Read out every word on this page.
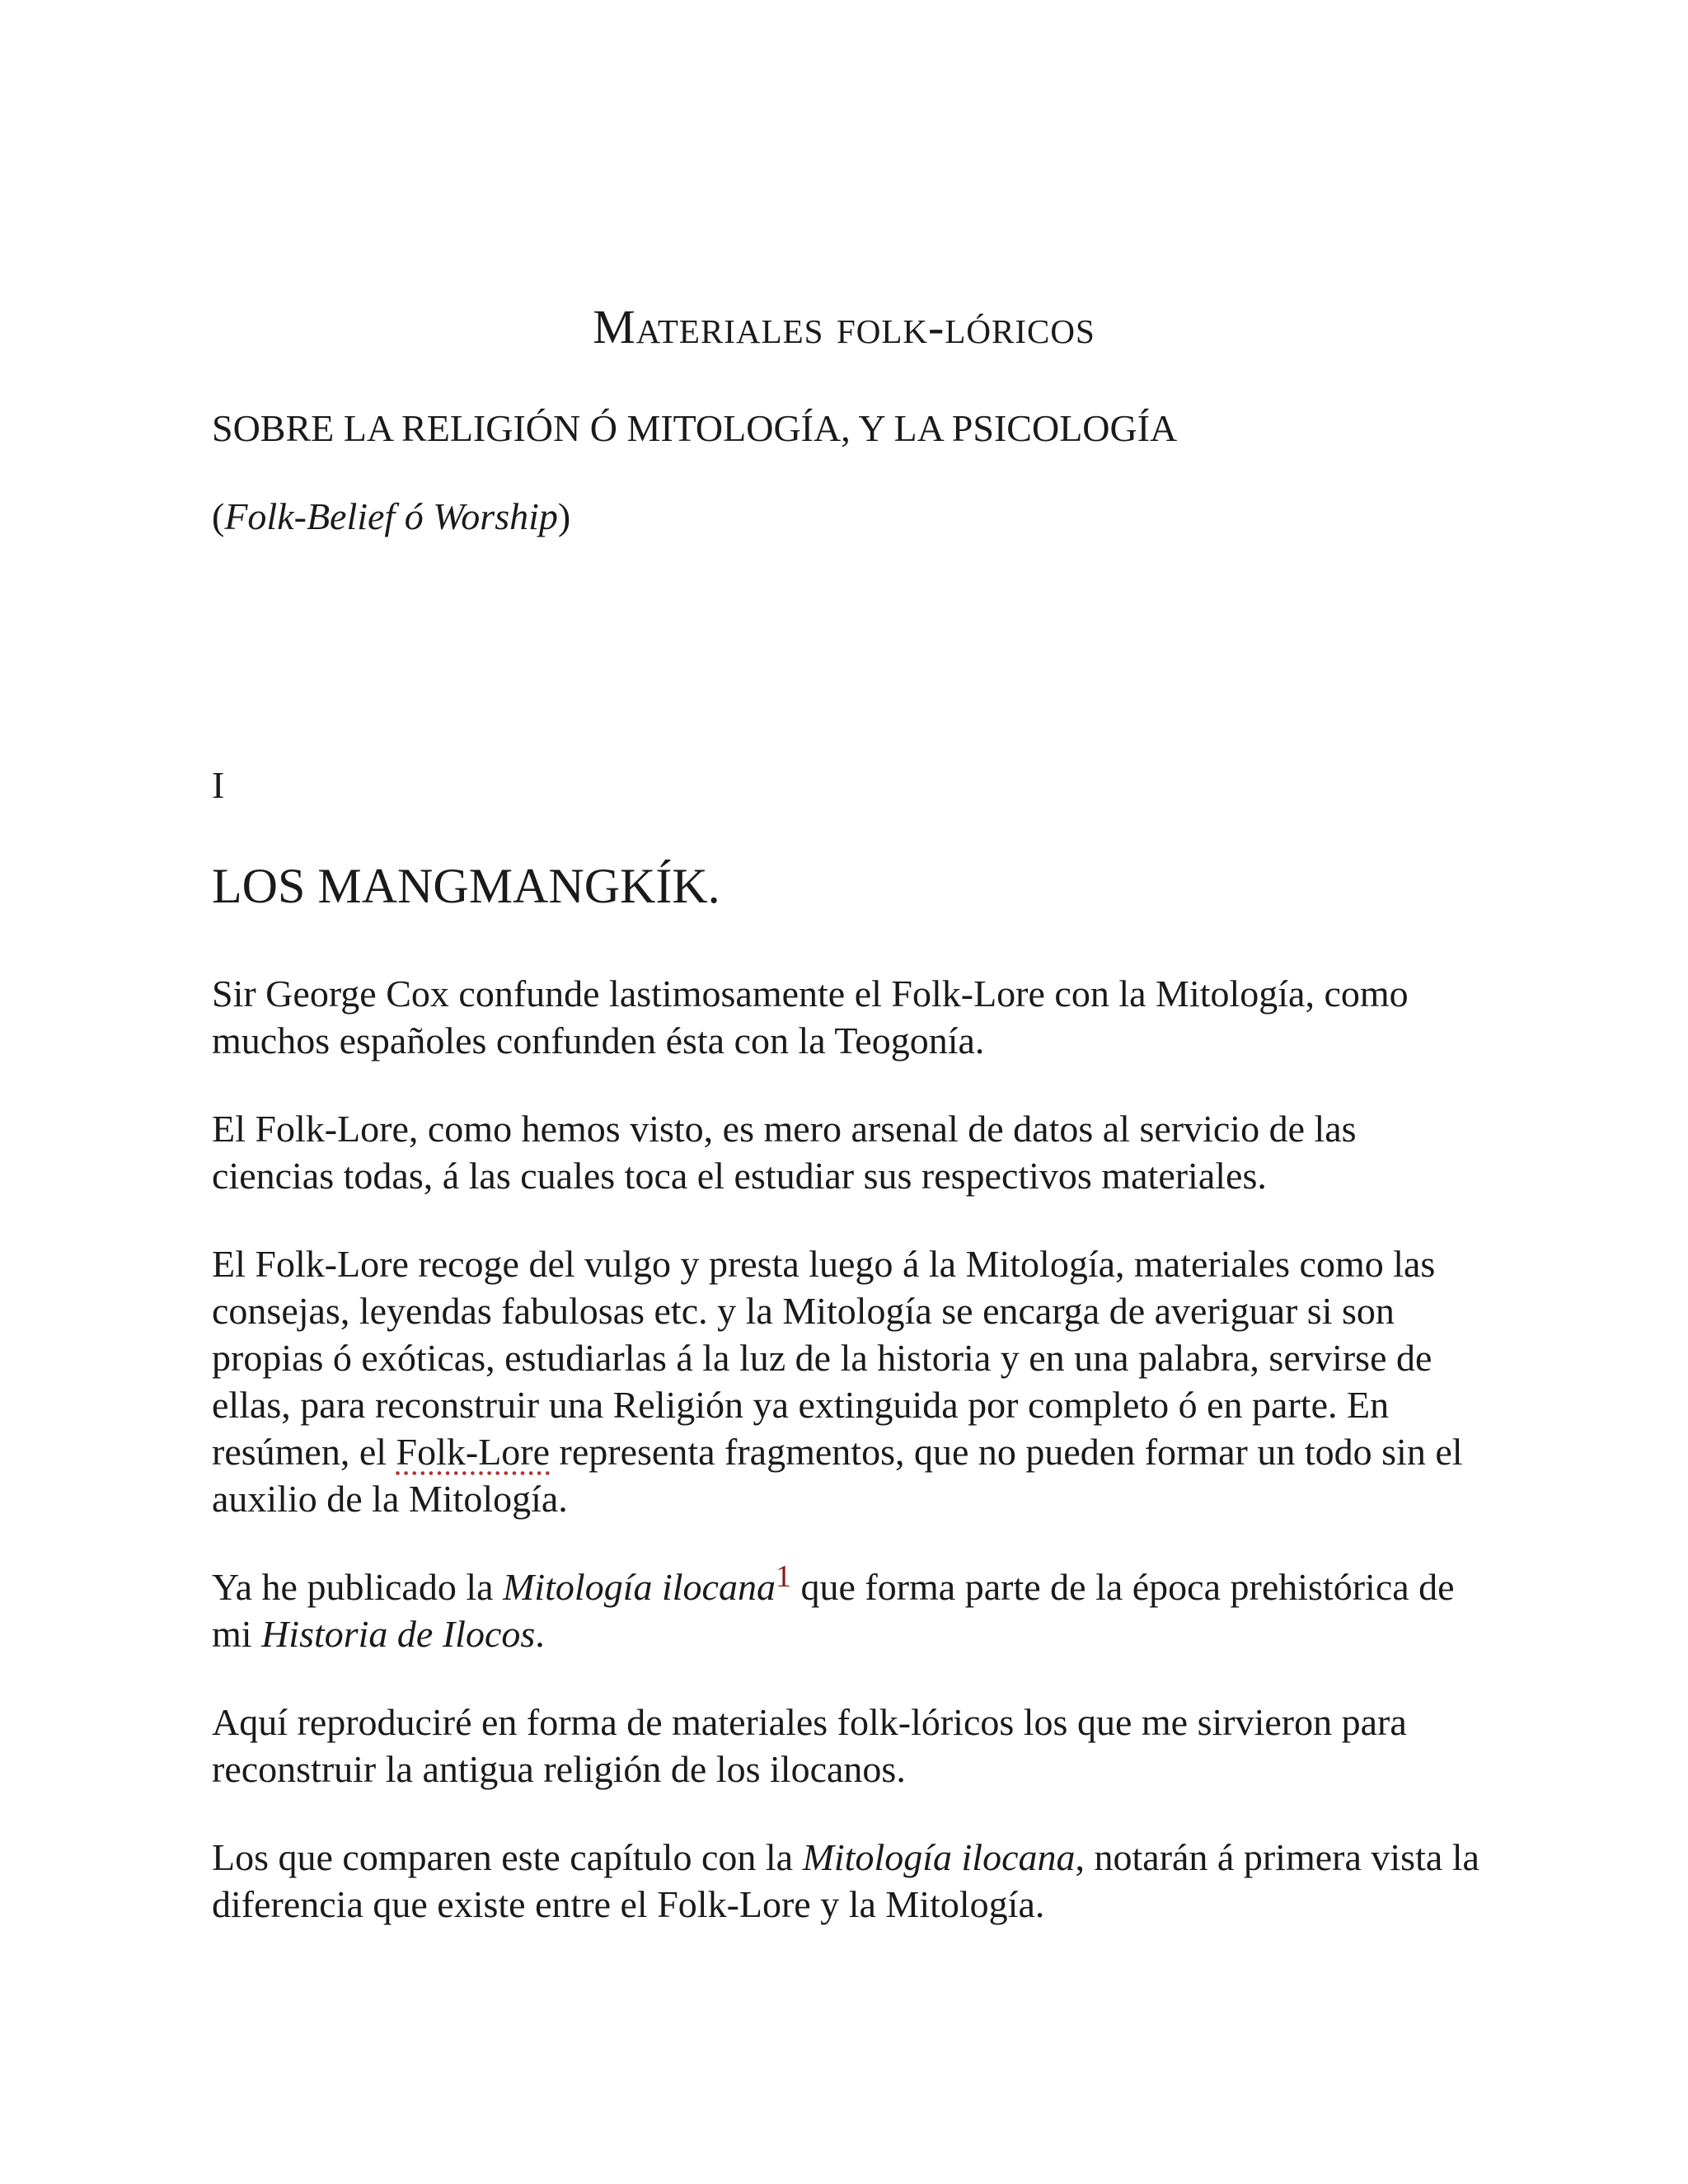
Materiales folk-lóricos
SOBRE LA RELIGIÓN Ó MITOLOGÍA, Y LA PSICOLOGÍA
(Folk-Belief ó Worship)
I
LOS MANGMANGKÍK.

Sir George Cox confunde lastimosamente el Folk-Lore con la Mitología, como muchos españoles confunden ésta con la Teogonía.

El Folk-Lore, como hemos visto, es mero arsenal de datos al servicio de las ciencias todas, á las cuales toca el estudiar sus respectivos materiales.

El Folk-Lore recoge del vulgo y presta luego á la Mitología, materiales como las consejas, leyendas fabulosas etc. y la Mitología se encarga de averiguar si son propias ó exóticas, estudiarlas á la luz de la historia y en una palabra, servirse de ellas, para reconstruir una Religión ya extinguida por completo ó en parte. En resúmen, el Folk-Lore representa fragmentos, que no pueden formar un todo sin el auxilio de la Mitología.

Ya he publicado la Mitología ilocana$^1$ que forma parte de la época prehistórica de mi Historia de Ilocos.

Aquí reproduciré en forma de materiales folk-lóricos los que me sirvieron para reconstruir la antigua religión de los ilocanos.

Los que comparen este capítulo con la Mitología ilocana, notarán á primera vista la diferencia que existe entre el Folk-Lore y la Mitología.
